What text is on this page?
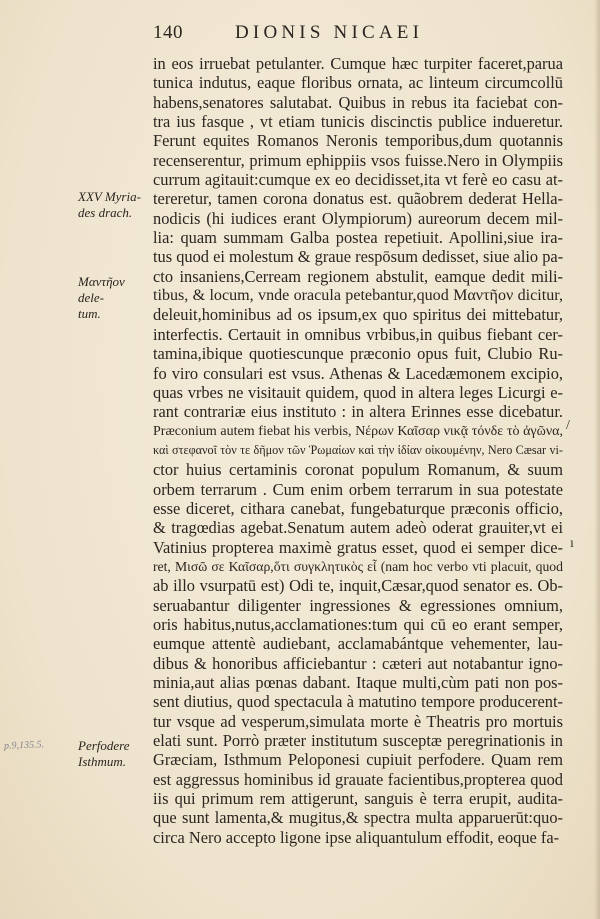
140	DIONIS NICAEI
XXV Myria-
des drach.
Μαντῆον dele-
tum.
Perfodere
Isthmum.
p.9,135.5.
/
ı
in eos irruebat petulanter. Cumque hæc turpiter faceret,parua
tunica indutus, eaque floribus ornata, ac linteum circumcollū
habens,senatores salutabat. Quibus in rebus ita faciebat con-
tra ius fasque , vt etiam tunicis discinctis publice indueretur.
Ferunt equites Romanos Neronis temporibus,dum quotannis
recenserentur, primum ephippiis vsos fuisse.Nero in Olympiis
currum agitauit:cumque ex eo decidisset,ita vt ferè eo casu at-
tereretur, tamen corona donatus est. quãobrem dederat Hella-
nodicis (hi iudices erant Olympiorum) aureorum decem mil-
lia: quam summam Galba postea repetiuit. Apollini,siue ira-
tus quod ei molestum & graue respōsum dedisset, siue alio pa-
cto insaniens,Cerream regionem abstulit, eamque dedit mili-
tibus, & locum, vnde oracula petebantur,quod Μαντῆον dicitur,
deleuit,hominibus ad os ipsum,ex quo spiritus dei mittebatur,
interfectis. Certauit in omnibus vrbibus,in quibus fiebant cer-
tamina,ibique quotiescunque præconio opus fuit, Clubio Ru-
fo viro consulari est vsus. Athenas & Lacedæmonem excipio,
quas vrbes ne visitauit quidem, quod in altera leges Licurgi e-
rant contrariæ eius instituto : in altera Erinnes esse dicebatur.
Præconium autem fiebat his verbis, Νέρων Καῖσαρ νικᾷ τόνδε τὸ ἀγῶνα,
καὶ στεφανοῖ τὸν τε δῆμον τῶν Ῥωμαίων καὶ τὴν ἰδίαν οἰκουμένην, Nero Cæsar vi-
ctor huius certaminis coronat populum Romanum, & suum
orbem terrarum . Cum enim orbem terrarum in sua potestate
esse diceret, cithara canebat, fungebaturque præconis officio,
& tragœdias agebat.Senatum autem adeò oderat grauiter,vt ei
Vatinius propterea maximè gratus esset, quod ei semper dice-
ret, Μισῶ σε Καῖσαρ,ὅτι συγκλητικὸς εἶ (nam hoc verbo vti placuit, quod
ab illo vsurpatū est) Odi te, inquit,Cæsar,quod senator es. Ob-
seruabantur diligenter ingressiones & egressiones omnium,
oris habitus,nutus,acclamationes:tum qui cū eo erant semper,
eumque attentè audiebant, acclamabántque vehementer, lau-
dibus & honoribus afficiebantur : cæteri aut notabantur igno-
minia,aut alias pœnas dabant. Itaque multi,cùm pati non pos-
sent diutius, quod spectacula à matutino tempore producerent-
tur vsque ad vesperum,simulata morte è Theatris pro mortuis
elati sunt. Porrò præter institutum susceptæ peregrinationis in
Græciam, Isthmum Peloponesi cupiuit perfodere. Quam rem
est aggressus hominibus id grauate facientibus,propterea quod
iis qui primum rem attigerunt, sanguis è terra erupit, audita-
que sunt lamenta,& mugitus,& spectra multa apparuerūt:quo-
circa Nero accepto ligone ipse aliquantulum effodit, eoque fa-
